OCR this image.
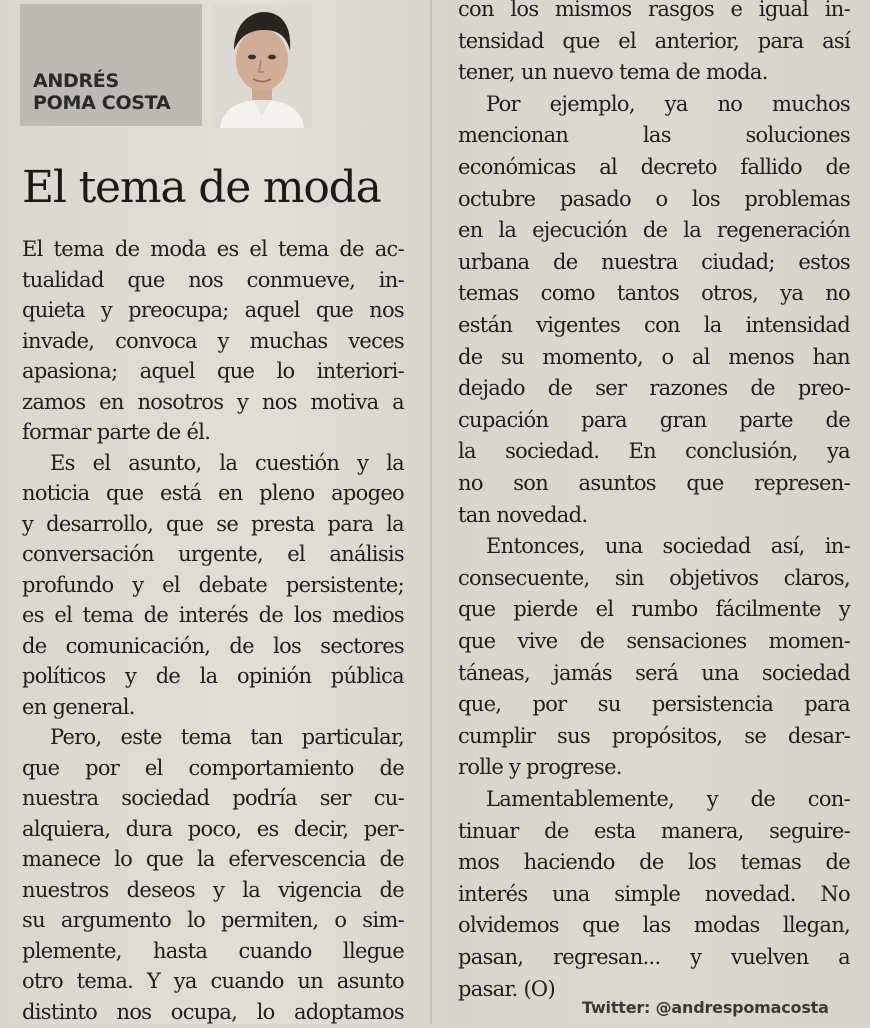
ANDRÉS
POMA COSTA
El tema de moda
El tema de moda es el tema de ac-
tualidad que nos conmueve, in-
quieta y preocupa; aquel que nos
invade, convoca y muchas veces
apasiona; aquel que lo interiori-
zamos en nosotros y nos motiva a
formar parte de él.
Es el asunto, la cuestión y la
noticia que está en pleno apogeo
y desarrollo, que se presta para la
conversación urgente, el análisis
profundo y el debate persistente;
es el tema de interés de los medios
de comunicación, de los sectores
políticos y de la opinión pública
en general.
Pero, este tema tan particular,
que por el comportamiento de
nuestra sociedad podría ser cu-
alquiera, dura poco, es decir, per-
manece lo que la efervescencia de
nuestros deseos y la vigencia de
su argumento lo permiten, o sim-
plemente, hasta cuando llegue
otro tema. Y ya cuando un asunto
distinto nos ocupa, lo adoptamos
con los mismos rasgos e igual in-
tensidad que el anterior, para así
tener, un nuevo tema de moda.
Por ejemplo, ya no muchos
mencionan las soluciones
económicas al decreto fallido de
octubre pasado o los problemas
en la ejecución de la regeneración
urbana de nuestra ciudad; estos
temas como tantos otros, ya no
están vigentes con la intensidad
de su momento, o al menos han
dejado de ser razones de preo-
cupación para gran parte de
la sociedad. En conclusión, ya
no son asuntos que represen-
tan novedad.
Entonces, una sociedad así, in-
consecuente, sin objetivos claros,
que pierde el rumbo fácilmente y
que vive de sensaciones momen-
táneas, jamás será una sociedad
que, por su persistencia para
cumplir sus propósitos, se desar-
rolle y progrese.
Lamentablemente, y de con-
tinuar de esta manera, seguire-
mos haciendo de los temas de
interés una simple novedad. No
olvidemos que las modas llegan,
pasan, regresan... y vuelven a
pasar. (O)
Twitter: @andrespomacosta
